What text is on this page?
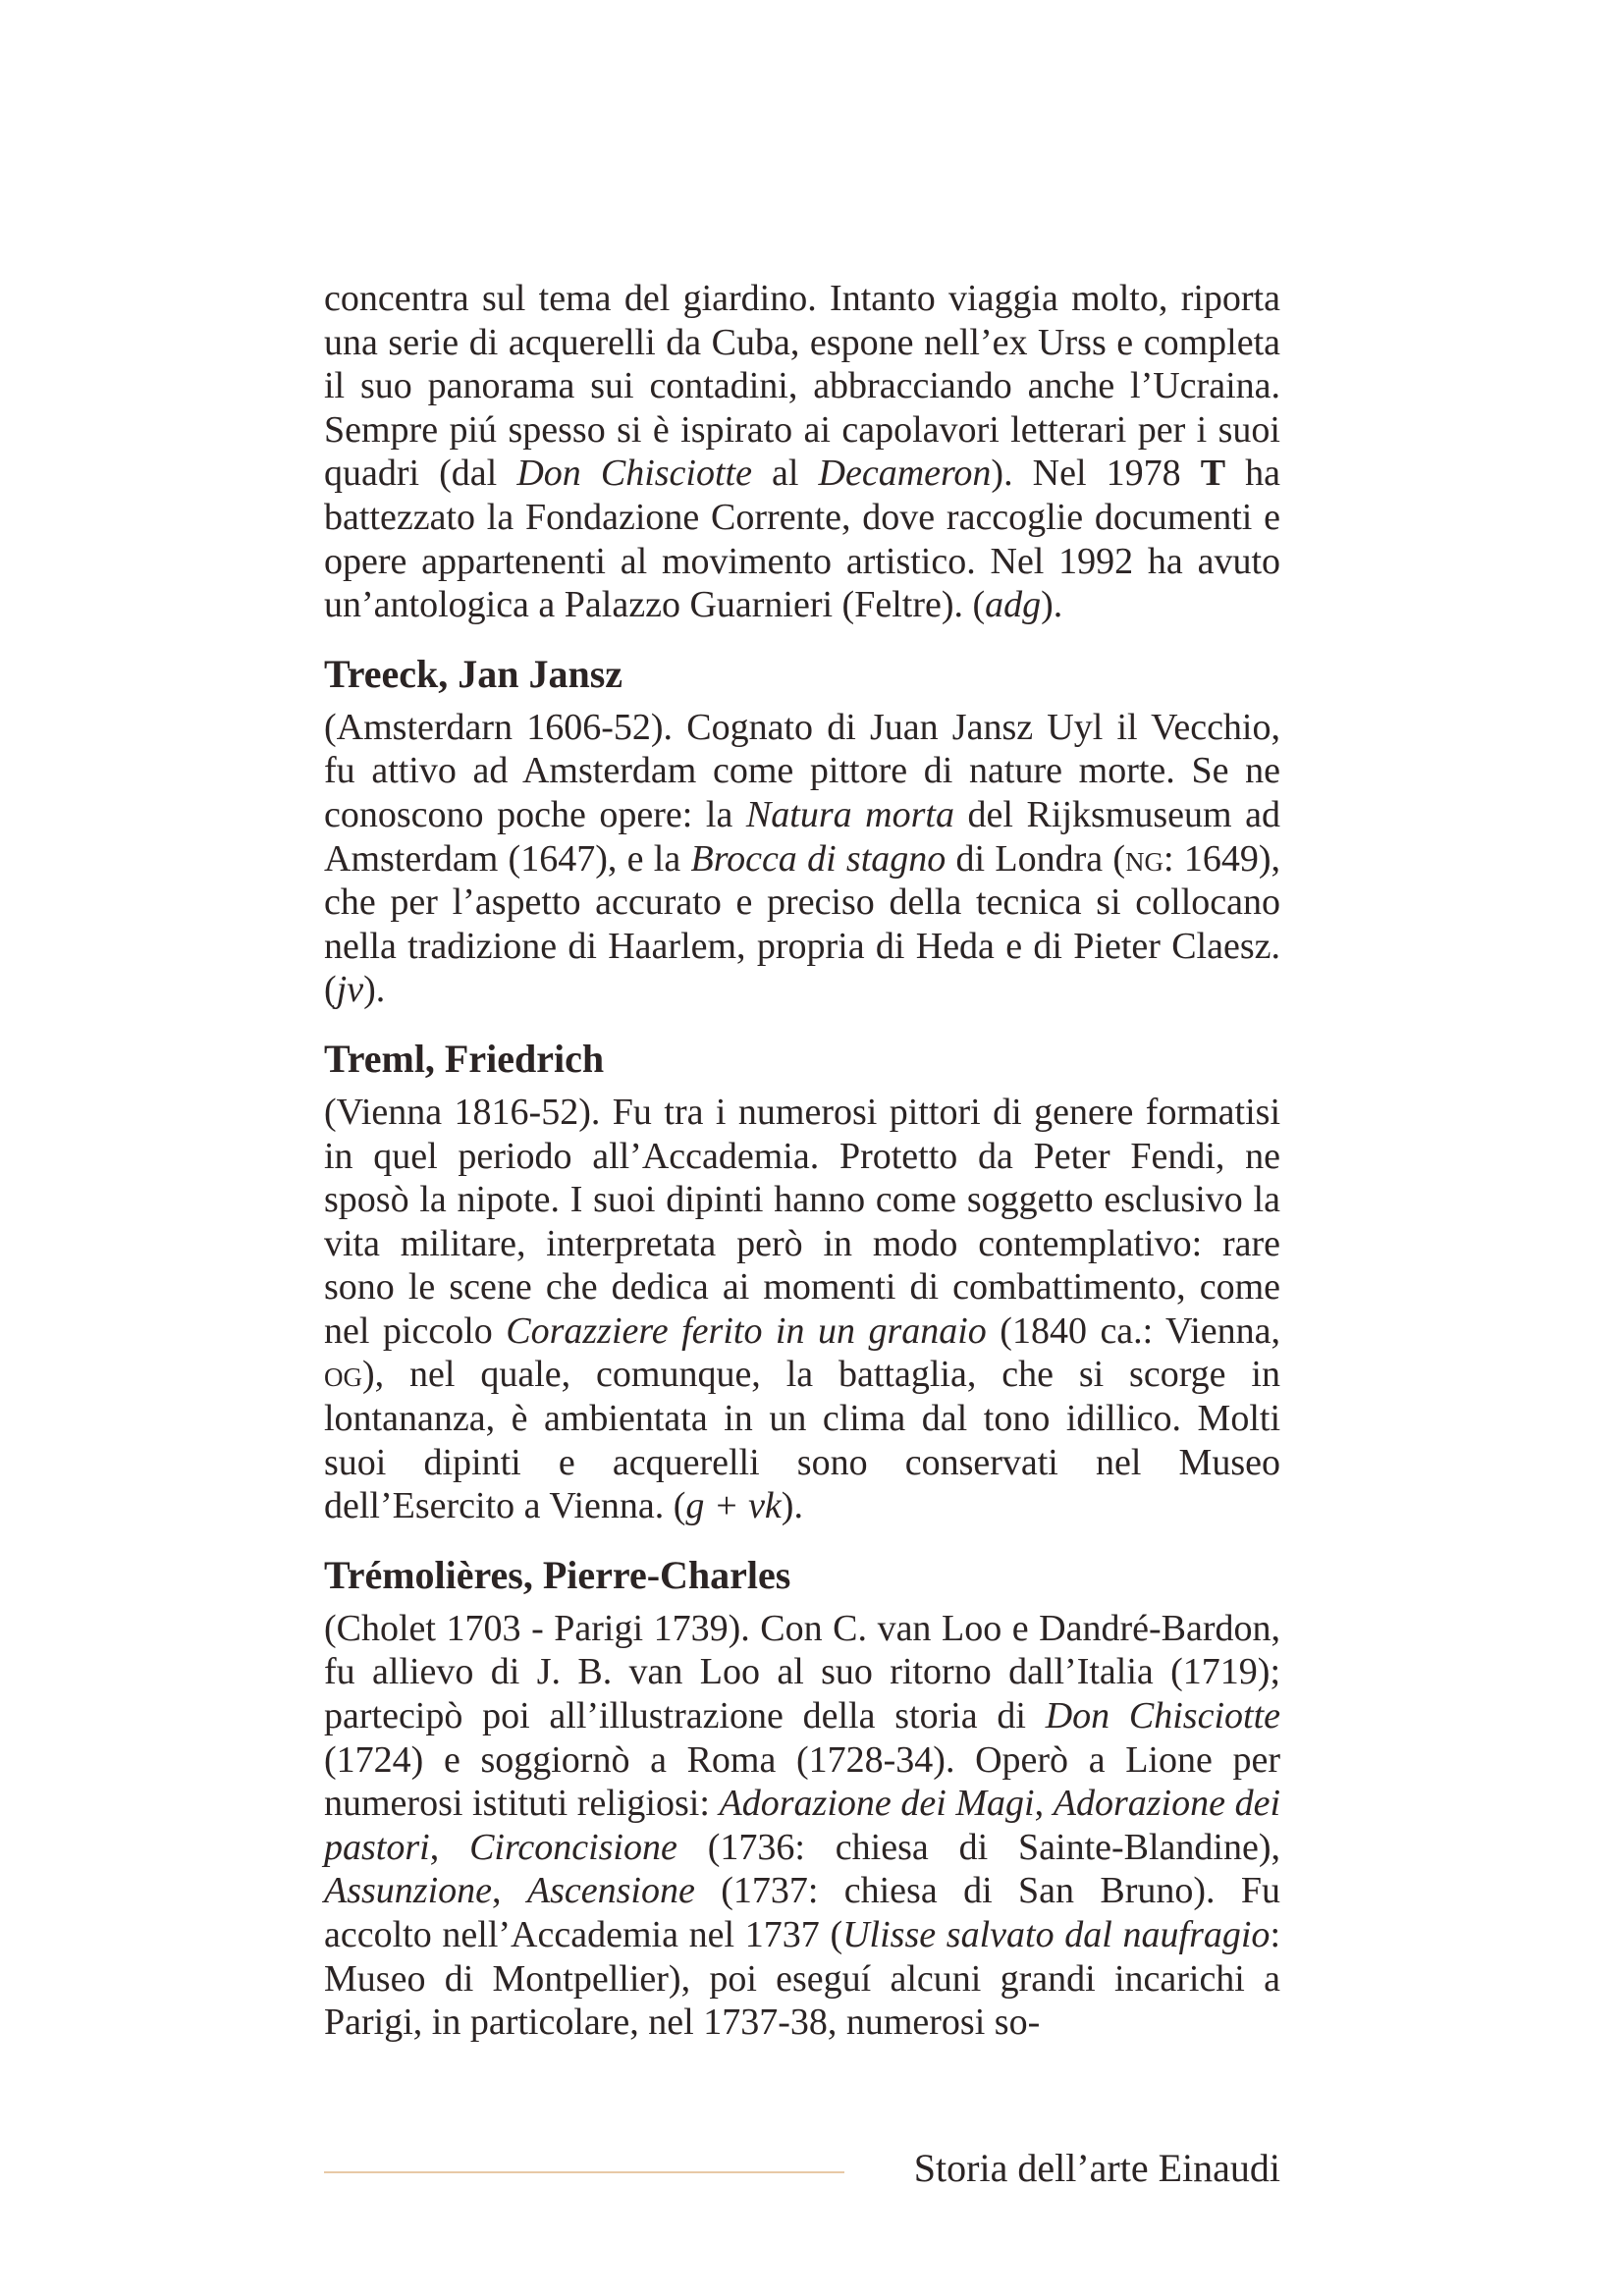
concentra sul tema del giardino. Intanto viaggia molto, riporta una serie di acquerelli da Cuba, espone nell’ex Urss e completa il suo panorama sui contadini, abbracciando anche l’Ucraina. Sempre piú spesso si è ispirato ai capolavori letterari per i suoi quadri (dal Don Chisciotte al Decameron). Nel 1978 T ha battezzato la Fondazione Corrente, dove raccoglie documenti e opere appartenenti al movimento artistico. Nel 1992 ha avuto un’antologica a Palazzo Guarnieri (Feltre). (adg).

Treeck, Jan Jansz

(Amsterdarn 1606-52). Cognato di Juan Jansz Uyl il Vecchio, fu attivo ad Amsterdam come pittore di nature morte. Se ne conoscono poche opere: la Natura morta del Rijksmuseum ad Amsterdam (1647), e la Brocca di stagno di Londra (ng: 1649), che per l’aspetto accurato e preciso della tecnica si collocano nella tradizione di Haarlem, propria di Heda e di Pieter Claesz. (jv).

Treml, Friedrich

(Vienna 1816-52). Fu tra i numerosi pittori di genere formatisi in quel periodo all’Accademia. Protetto da Peter Fendi, ne sposò la nipote. I suoi dipinti hanno come soggetto esclusivo la vita militare, interpretata però in modo contemplativo: rare sono le scene che dedica ai momenti di combattimento, come nel piccolo Corazziere ferito in un granaio (1840 ca.: Vienna, og), nel quale, comunque, la battaglia, che si scorge in lontananza, è ambientata in un clima dal tono idillico. Molti suoi dipinti e acquerelli sono conservati nel Museo dell’Esercito a Vienna. (g + vk).

Trémolières, Pierre-Charles

(Cholet 1703 - Parigi 1739). Con C. van Loo e Dandré-Bardon, fu allievo di J. B. van Loo al suo ritorno dall’Italia (1719); partecipò poi all’illustrazione della storia di Don Chisciotte (1724) e soggiornò a Roma (1728-34). Operò a Lione per numerosi istituti religiosi: Adorazione dei Magi, Adorazione dei pastori, Circoncisione (1736: chiesa di Sainte-Blandine), Assunzione, Ascensione (1737: chiesa di San Bruno). Fu accolto nell’Accademia nel 1737 (Ulisse salvato dal naufragio: Museo di Montpellier), poi eseguí alcuni grandi incarichi a Parigi, in particolare, nel 1737-38, numerosi so-

Storia dell’arte Einaudi
